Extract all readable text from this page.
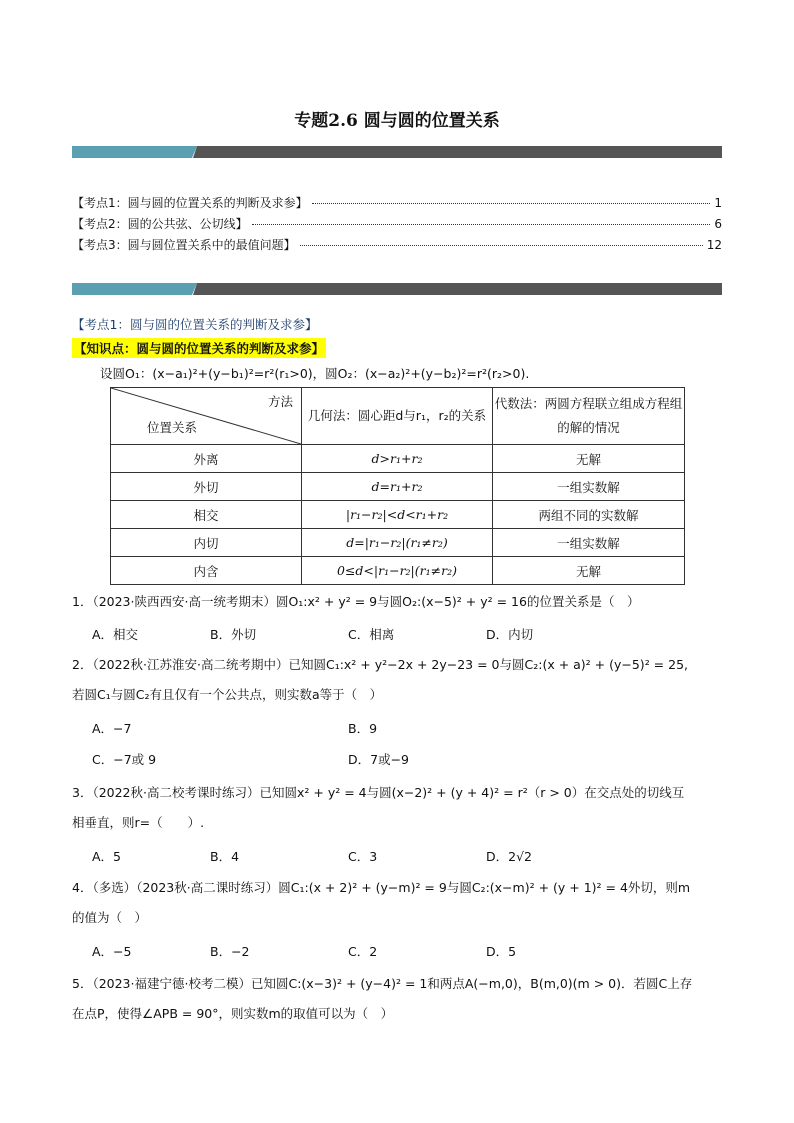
专题2.6 圆与圆的位置关系
【考点1：圆与圆的位置关系的判断及求参】	1
【考点2：圆的公共弦、公切线】	6
【考点3：圆与圆位置关系中的最值问题】	12
【考点1：圆与圆的位置关系的判断及求参】
【知识点：圆与圆的位置关系的判断及求参】
设圆O₁：(x−a₁)²+(y−b₁)²=r²(r₁>0)，圆O₂：(x−a₂)²+(y−b₂)²=r²(r₂>0).
方法
位置关系	几何法：圆心距d与r₁，r₂的关系	代数法：两圆方程联立组成方程组的解的情况
外离	d>r₁+r₂	无解
外切	d=r₁+r₂	一组实数解
相交	|r₁−r₂|<d<r₁+r₂	两组不同的实数解
内切	d=|r₁−r₂|(r₁≠r₂)	一组实数解
内含	0≤d<|r₁−r₂|(r₁≠r₂)	无解
1．（2023·陕西西安·高一统考期末）圆O₁:x² + y² = 9与圆O₂:(x−5)² + y² = 16的位置关系是（　）
A．相交	B．外切	C．相离	D．内切
2．（2022秋·江苏淮安·高二统考期中）已知圆C₁:x² + y²−2x + 2y−23 = 0与圆C₂:(x + a)² + (y−5)² = 25,
若圆C₁与圆C₂有且仅有一个公共点，则实数a等于（　）
A．−7	B．9
C．−7或 9	D．7或−9
3．（2022秋·高二校考课时练习）已知圆x² + y² = 4与圆(x−2)² + (y + 4)² = r²（r > 0）在交点处的切线互
相垂直，则r=（　　）.
A．5	B．4	C．3	D．2√2
4．（多选）（2023秋·高二课时练习）圆C₁:(x + 2)² + (y−m)² = 9与圆C₂:(x−m)² + (y + 1)² = 4外切，则m
的值为（　）
A．−5	B．−2	C．2	D．5
5．（2023·福建宁德·校考二模）已知圆C:(x−3)² + (y−4)² = 1和两点A(−m,0)，B(m,0)(m > 0)．若圆C上存
在点P，使得∠APB = 90°，则实数m的取值可以为（　）
